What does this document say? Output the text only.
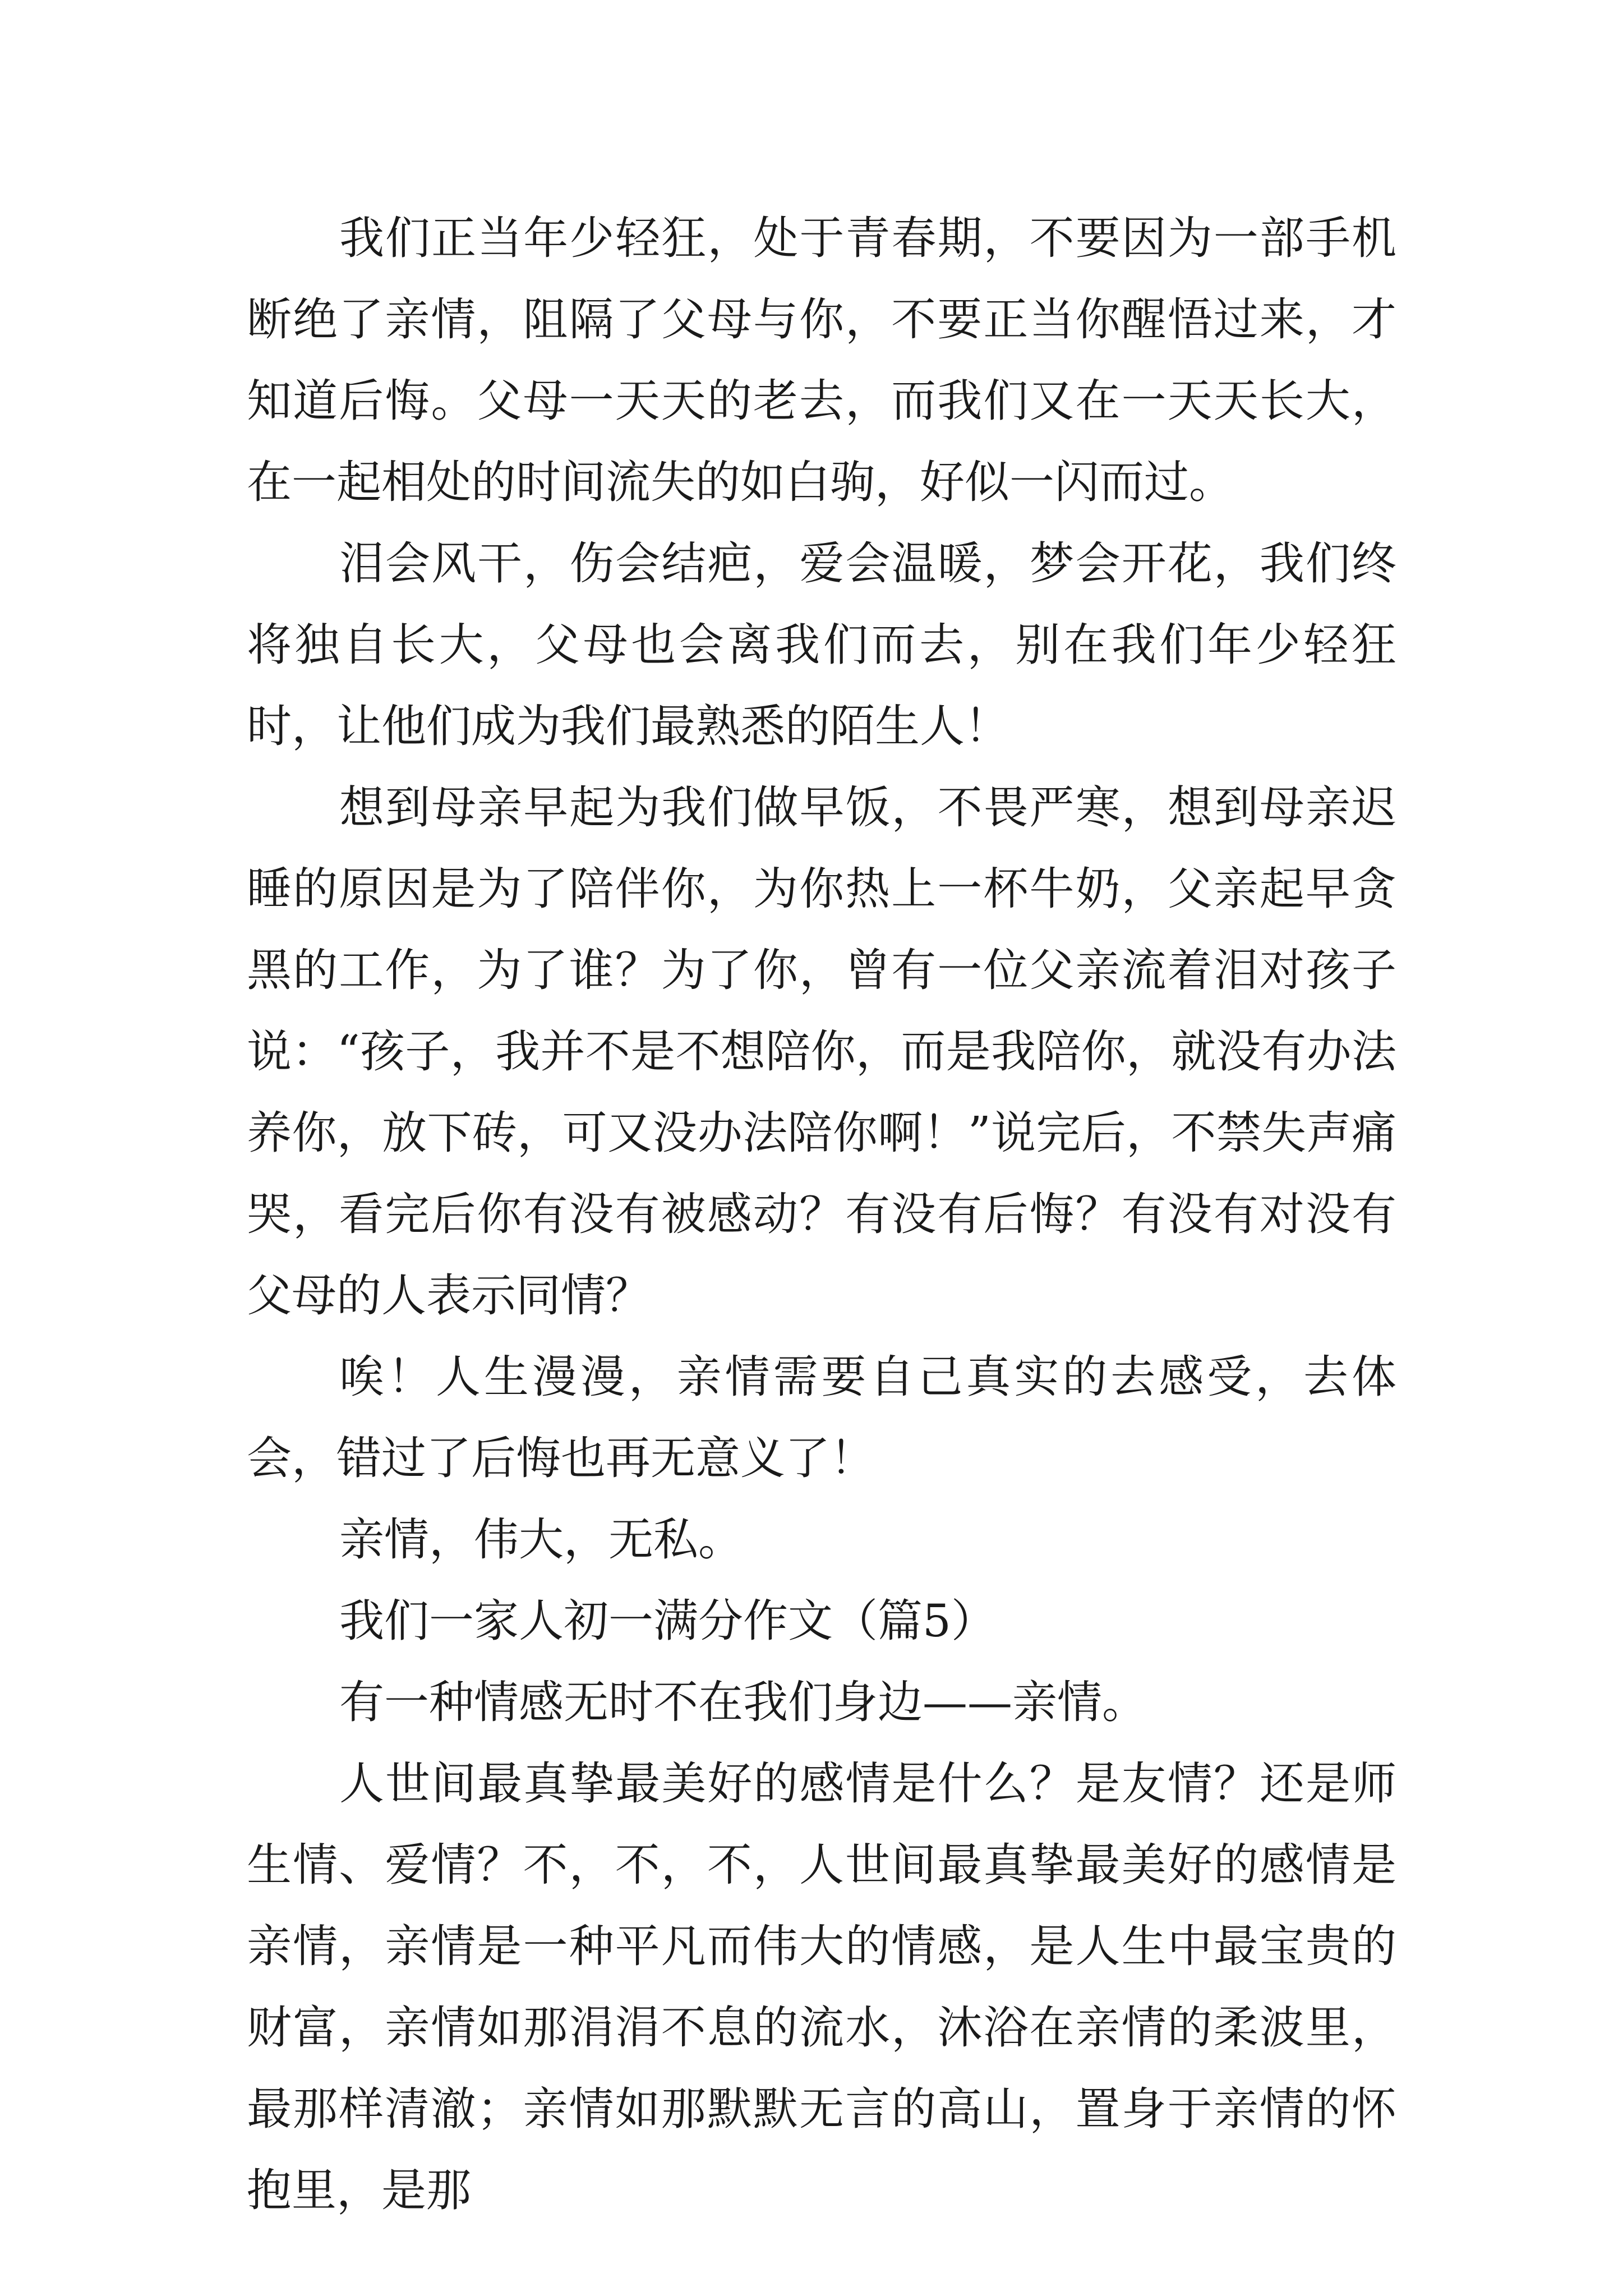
我们正当年少轻狂，处于青春期，不要因为一部手机断绝了亲情，阻隔了父母与你，不要正当你醒悟过来，才知道后悔。父母一天天的老去，而我们又在一天天长大，在一起相处的时间流失的如白驹，好似一闪而过。

泪会风干，伤会结疤，爱会温暖，梦会开花，我们终将独自长大，父母也会离我们而去，别在我们年少轻狂时，让他们成为我们最熟悉的陌生人！

想到母亲早起为我们做早饭，不畏严寒，想到母亲迟睡的原因是为了陪伴你，为你热上一杯牛奶，父亲起早贪黑的工作，为了谁？为了你，曾有一位父亲流着泪对孩子说：“孩子，我并不是不想陪你，而是我陪你，就没有办法养你，放下砖，可又没办法陪你啊！”说完后，不禁失声痛哭，看完后你有没有被感动？有没有后悔？有没有对没有父母的人表示同情？

唉！人生漫漫，亲情需要自己真实的去感受，去体会，错过了后悔也再无意义了！

亲情，伟大，无私。

我们一家人初一满分作文（篇5）

有一种情感无时不在我们身边——亲情。

人世间最真挚最美好的感情是什么？是友情？还是师生情、爱情？不，不，不，人世间最真挚最美好的感情是亲情，亲情是一种平凡而伟大的情感，是人生中最宝贵的财富，亲情如那涓涓不息的流水，沐浴在亲情的柔波里，最那样清澈；亲情如那默默无言的高山，置身于亲情的怀抱里，是那
